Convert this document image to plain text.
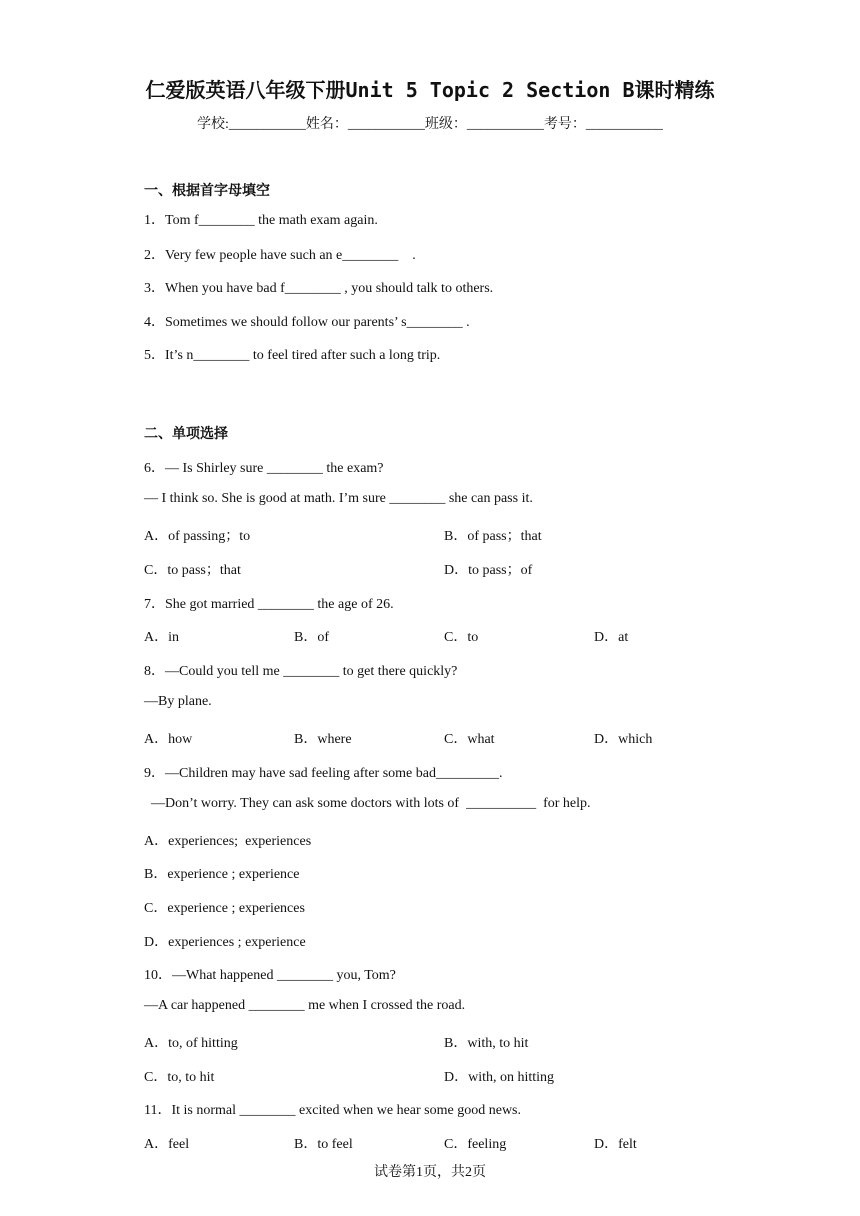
仁爱版英语八年级下册Unit 5 Topic 2 Section B课时精练
学校:___________姓名：___________班级：___________考号：___________
一、根据首字母填空
1．Tom f________ the math exam again.
2．Very few people have such an e________    .
3．When you have bad f________ , you should talk to others.
4．Sometimes we should follow our parents’ s________ .
5．It’s n________ to feel tired after such a long trip.
二、单项选择
6．— Is Shirley sure ________ the exam?
— I think so. She is good at math. I’m sure ________ she can pass it.
A．of passing；to	B．of pass；that
C．to pass；that	D．to pass；of
7．She got married ________ the age of 26.
A．in	B．of	C．to	D．at
8．—Could you tell me ________ to get there quickly?
—By plane.
A．how	B．where	C．what	D．which
9．—Children may have sad feeling after some bad_________.
—Don’t worry. They can ask some doctors with lots of  __________  for help.
A．experiences;  experiences
B．experience ; experience
C．experience ; experiences
D．experiences ; experience
10．—What happened ________ you, Tom?
—A car happened ________ me when I crossed the road.
A．to, of hitting	B．with, to hit
C．to, to hit	D．with, on hitting
11．It is normal ________ excited when we hear some good news.
A．feel	B．to feel	C．feeling	D．felt
试卷第1页，共2页
